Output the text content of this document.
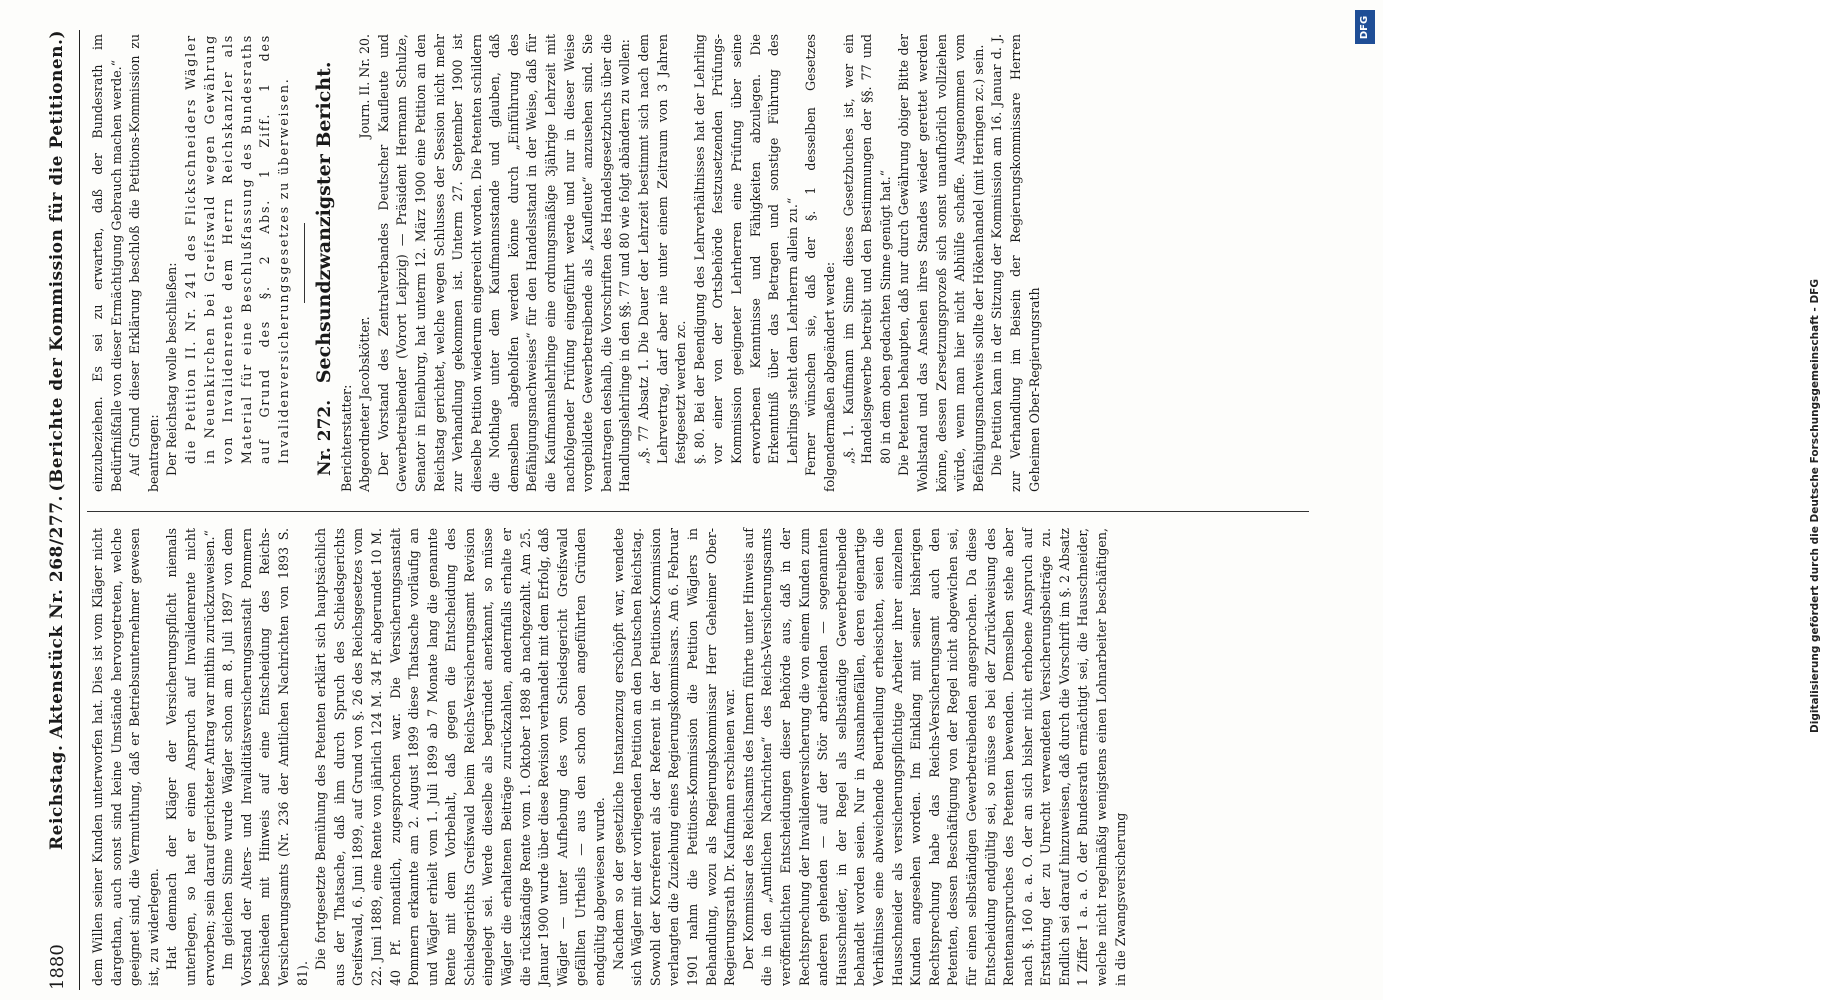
1880
Reichstag. Aktenstück Nr. 268/277.
(Berichte der Kommission für die Petitionen.)

dem Willen seiner Kunden unterworfen hat. Dies ist vom Kläger nicht dargethan, auch sonst sind keine Umstände hervorgetreten, welche geeignet sind, die Vermuthung, daß er Betriebsunternehmer gewesen ist, zu widerlegen. Hat demnach der Kläger der Versicherungspflicht niemals unterlegen, so hat er einen Anspruch auf Invalidenrente nicht erworben; sein darauf gerichteter Antrag war mithin zurückzuweisen.“ Im gleichen Sinne wurde Wägler schon am 8. Juli 1897 von dem Vorstand der Alters- und Invaliditätsversicherungsanstalt Pommern beschieden mit Hinweis auf eine Entscheidung des Reichs-Versicherungsamts (Nr. 236 der Amtlichen Nachrichten von 1893 S. 81).

Die fortgesetzte Bemühung des Petenten erklärt sich hauptsächlich aus der Thatsache, daß ihm durch Spruch des Schiedsgerichts Greifswald, 6. Juni 1899, auf Grund von §. 26 des Reichsgesetzes vom 22. Juni 1889, eine Rente von jährlich 124 M. 34 Pf. abgerundet 10 M. 40 Pf. monatlich, zugesprochen war. Die Versicherungsanstalt Pommern erkannte am 2. August 1899 diese Thatsache vorläufig an und Wägler erhielt vom 1. Juli 1899 ab 7 Monate lang die genannte Rente mit dem Vorbehalt, daß gegen die Entscheidung des Schiedsgerichts Greifswald beim Reichs-Versicherungsamt Revision eingelegt sei. Werde dieselbe als begründet anerkannt, so müsse Wägler die erhaltenen Beiträge zurückzahlen, andernfalls erhalte er die rückständige Rente vom 1. Oktober 1898 ab nachgezahlt. Am 25. Januar 1900 wurde über diese Revision verhandelt mit dem Erfolg, daß Wägler — unter Aufhebung des vom Schiedsgericht Greifswald gefällten Urtheils — aus den schon oben angeführten Gründen endgültig abgewiesen wurde. Nachdem so der gesetzliche Instanzenzug erschöpft war, wendete sich Wägler mit der vorliegenden Petition an den Deutschen Reichstag. Sowohl der Korreferent als der Referent in der Petitions-Kommission verlangten die Zuziehung eines Regierungskommissars. Am 6. Februar 1901 nahm die Petitions-Kommission die Petition Wäglers in Behandlung, wozu als Regierungskommissar Herr Geheimer Ober-Regierungsrath Dr. Kaufmann erschienen war. Der Kommissar des Reichsamts des Innern führte unter Hinweis auf die in den „Amtlichen Nachrichten“ des Reichs-Versicherungsamts veröffentlichten Entscheidungen dieser Behörde aus, daß in der Rechtsprechung der Invalidenversicherung die von einem Kunden zum anderen gehenden — auf der Stör arbeitenden — sogenannten Hausschneider, in der Regel als selbständige Gewerbetreibende behandelt worden seien. Nur in Ausnahmefällen, deren eigenartige Verhältnisse eine abweichende Beurtheilung erheischten, seien die Hausschneider als versicherungspflichtige Arbeiter ihrer einzelnen Kunden angesehen worden. Im Einklang mit seiner bisherigen Rechtsprechung habe das Reichs-Versicherungsamt auch den Petenten, dessen Beschäftigung von der Regel nicht abgewichen sei, für einen selbständigen Gewerbetreibenden angesprochen. Da diese Entscheidung endgültig sei, so müsse es bei der Zurückweisung des Rentenanspruches des Petenten bewenden. Demselben stehe aber nach §. 160 a. a. O. der an sich bisher nicht erhobene Anspruch auf Erstattung der zu Unrecht verwendeten Versicherungsbeiträge zu. Endlich sei darauf hinzuweisen, daß durch die Vorschrift im §. 2 Absatz 1 Ziffer 1 a. a. O. der Bundesrath ermächtigt sei, die Hausschneider, welche nicht regelmäßig wenigstens einen Lohnarbeiter beschäftigen, in die Zwangsversicherung

einzubeziehen. Es sei zu erwarten, daß der Bundesrath im Bedürfnißfalle von dieser Ermächtigung Gebrauch machen werde.“ Auf Grund dieser Erklärung beschloß die Petitions-Kommission zu beantragen: Der Reichstag wolle beschließen: die Petition II. Nr. 241 des Flickschneiders Wägler in Neuenkirchen bei Greifswald wegen Gewährung von Invalidenrente dem Herrn Reichskanzler als Material für eine Beschlußfassung des Bundesraths auf Grund des §. 2 Abs. 1 Ziff. 1 des Invalidenversicherungsgesetzes zu überweisen. Nr. 272. Sechsundzwanzigster Bericht.

Berichterstatter: Abgeordneter Jacobskötter.
Journ. II. Nr. 20. Der Vorstand des Zentralverbandes Deutscher Kaufleute und Gewerbetreibender (Vorort Leipzig) — Präsident Hermann Schulze, Senator in Eilenburg, hat unterm 12. März 1900 eine Petition an den Reichstag gerichtet, welche wegen Schlusses der Session nicht mehr zur Verhandlung gekommen ist. Unterm 27. September 1900 ist dieselbe Petition wiederum eingereicht worden. Die Petenten schildern die Nothlage unter dem Kaufmannsstande und glauben, daß demselben abgeholfen werden könne durch „Einführung des Befähigungsnachweises“ für den Handelsstand in der Weise, daß für die Kaufmannslehrlinge eine ordnungsmäßige 3jährige Lehrzeit mit nachfolgender Prüfung eingeführt werde und nur in dieser Weise vorgebildete Gewerbetreibende als „Kaufleute“ anzusehen sind. Sie beantragen deshalb, die Vorschriften des Handelsgesetzbuchs über die Handlungslehrlinge in den §§. 77 und 80 wie folgt abändern zu wollen: „§. 77 Absatz 1. Die Dauer der Lehrzeit bestimmt sich nach dem Lehrvertrag, darf aber nie unter einem Zeitraum von 3 Jahren festgesetzt werden zc. §. 80. Bei der Beendigung des Lehrverhältnisses hat der Lehrling vor einer von der Ortsbehörde festzusetzenden Prüfungs-Kommission geeigneter Lehrherren eine Prüfung über seine erworbenen Kenntnisse und Fähigkeiten abzulegen. Die Erkenntniß über das Betragen und sonstige Führung des Lehrlings steht dem Lehrherrn allein zu.“ Ferner wünschen sie, daß der §. 1 desselben Gesetzes folgendermaßen abgeändert werde: „§. 1. Kaufmann im Sinne dieses Gesetzbuches ist, wer ein Handelsgewerbe betreibt und den Bestimmungen der §§. 77 und 80 in dem oben gedachten Sinne genügt hat.“ Die Petenten behaupten, daß nur durch Gewährung obiger Bitte der Wohlstand und das Ansehen ihres Standes wieder gerettet werden könne, dessen Zersetzungsprozeß sich sonst unaufhörlich vollziehen würde, wenn man hier nicht Abhülfe schaffe. Ausgenommen vom Befähigungsnachweis sollte der Hökenhandel (mit Heringen zc.) sein. Die Petition kam in der Sitzung der Kommission am 16. Januar d. J. zur Verhandlung im Beisein der Regierungskommissare Herren Geheimen Ober-Regierungsrath

DFG
Digitalisierung gefördert durch die Deutsche Forschungsgemeinschaft - DFG
